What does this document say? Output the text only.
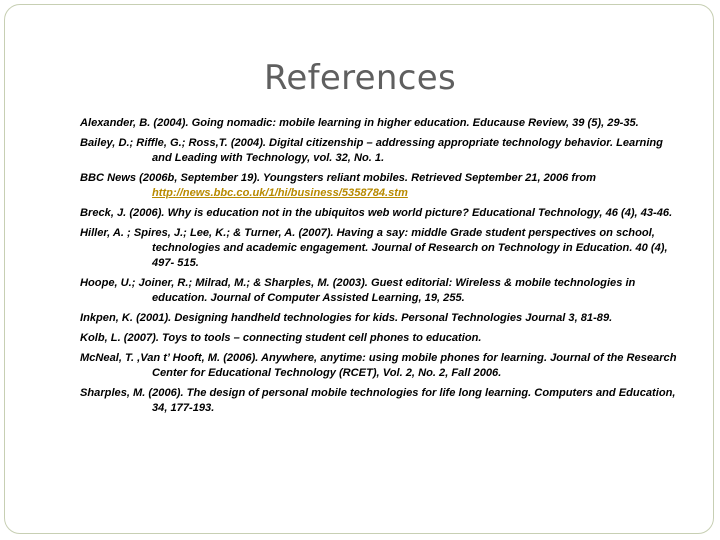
References
Alexander, B. (2004). Going nomadic: mobile learning in higher education. Educause Review, 39 (5), 29-35.
Bailey, D.; Riffle, G.; Ross,T. (2004). Digital citizenship – addressing appropriate technology behavior. Learning and Leading with Technology, vol. 32, No. 1.
BBC News (2006b, September 19). Youngsters reliant mobiles. Retrieved September 21, 2006 from http://news.bbc.co.uk/1/hi/business/5358784.stm
Breck, J. (2006). Why is education not in the ubiquitos web world picture? Educational Technology, 46 (4), 43-46.
Hiller, A. ; Spires, J.; Lee, K.; & Turner, A. (2007). Having a say: middle Grade student perspectives on school, technologies and academic engagement. Journal of Research on Technology in Education. 40 (4), 497- 515.
Hoope, U.; Joiner, R.; Milrad, M.; & Sharples, M. (2003). Guest editorial: Wireless & mobile technologies in education. Journal of Computer Assisted Learning, 19, 255.
Inkpen, K. (2001). Designing handheld technologies for kids. Personal Technologies Journal 3, 81-89.
Kolb, L. (2007). Toys to tools – connecting student cell phones to education.
McNeal, T. ,Van t’ Hooft, M. (2006). Anywhere, anytime: using mobile phones for learning. Journal of the Research Center for Educational Technology (RCET), Vol. 2, No. 2, Fall 2006.
Sharples, M. (2006). The design of personal mobile technologies for life long learning. Computers and Education, 34, 177-193.
